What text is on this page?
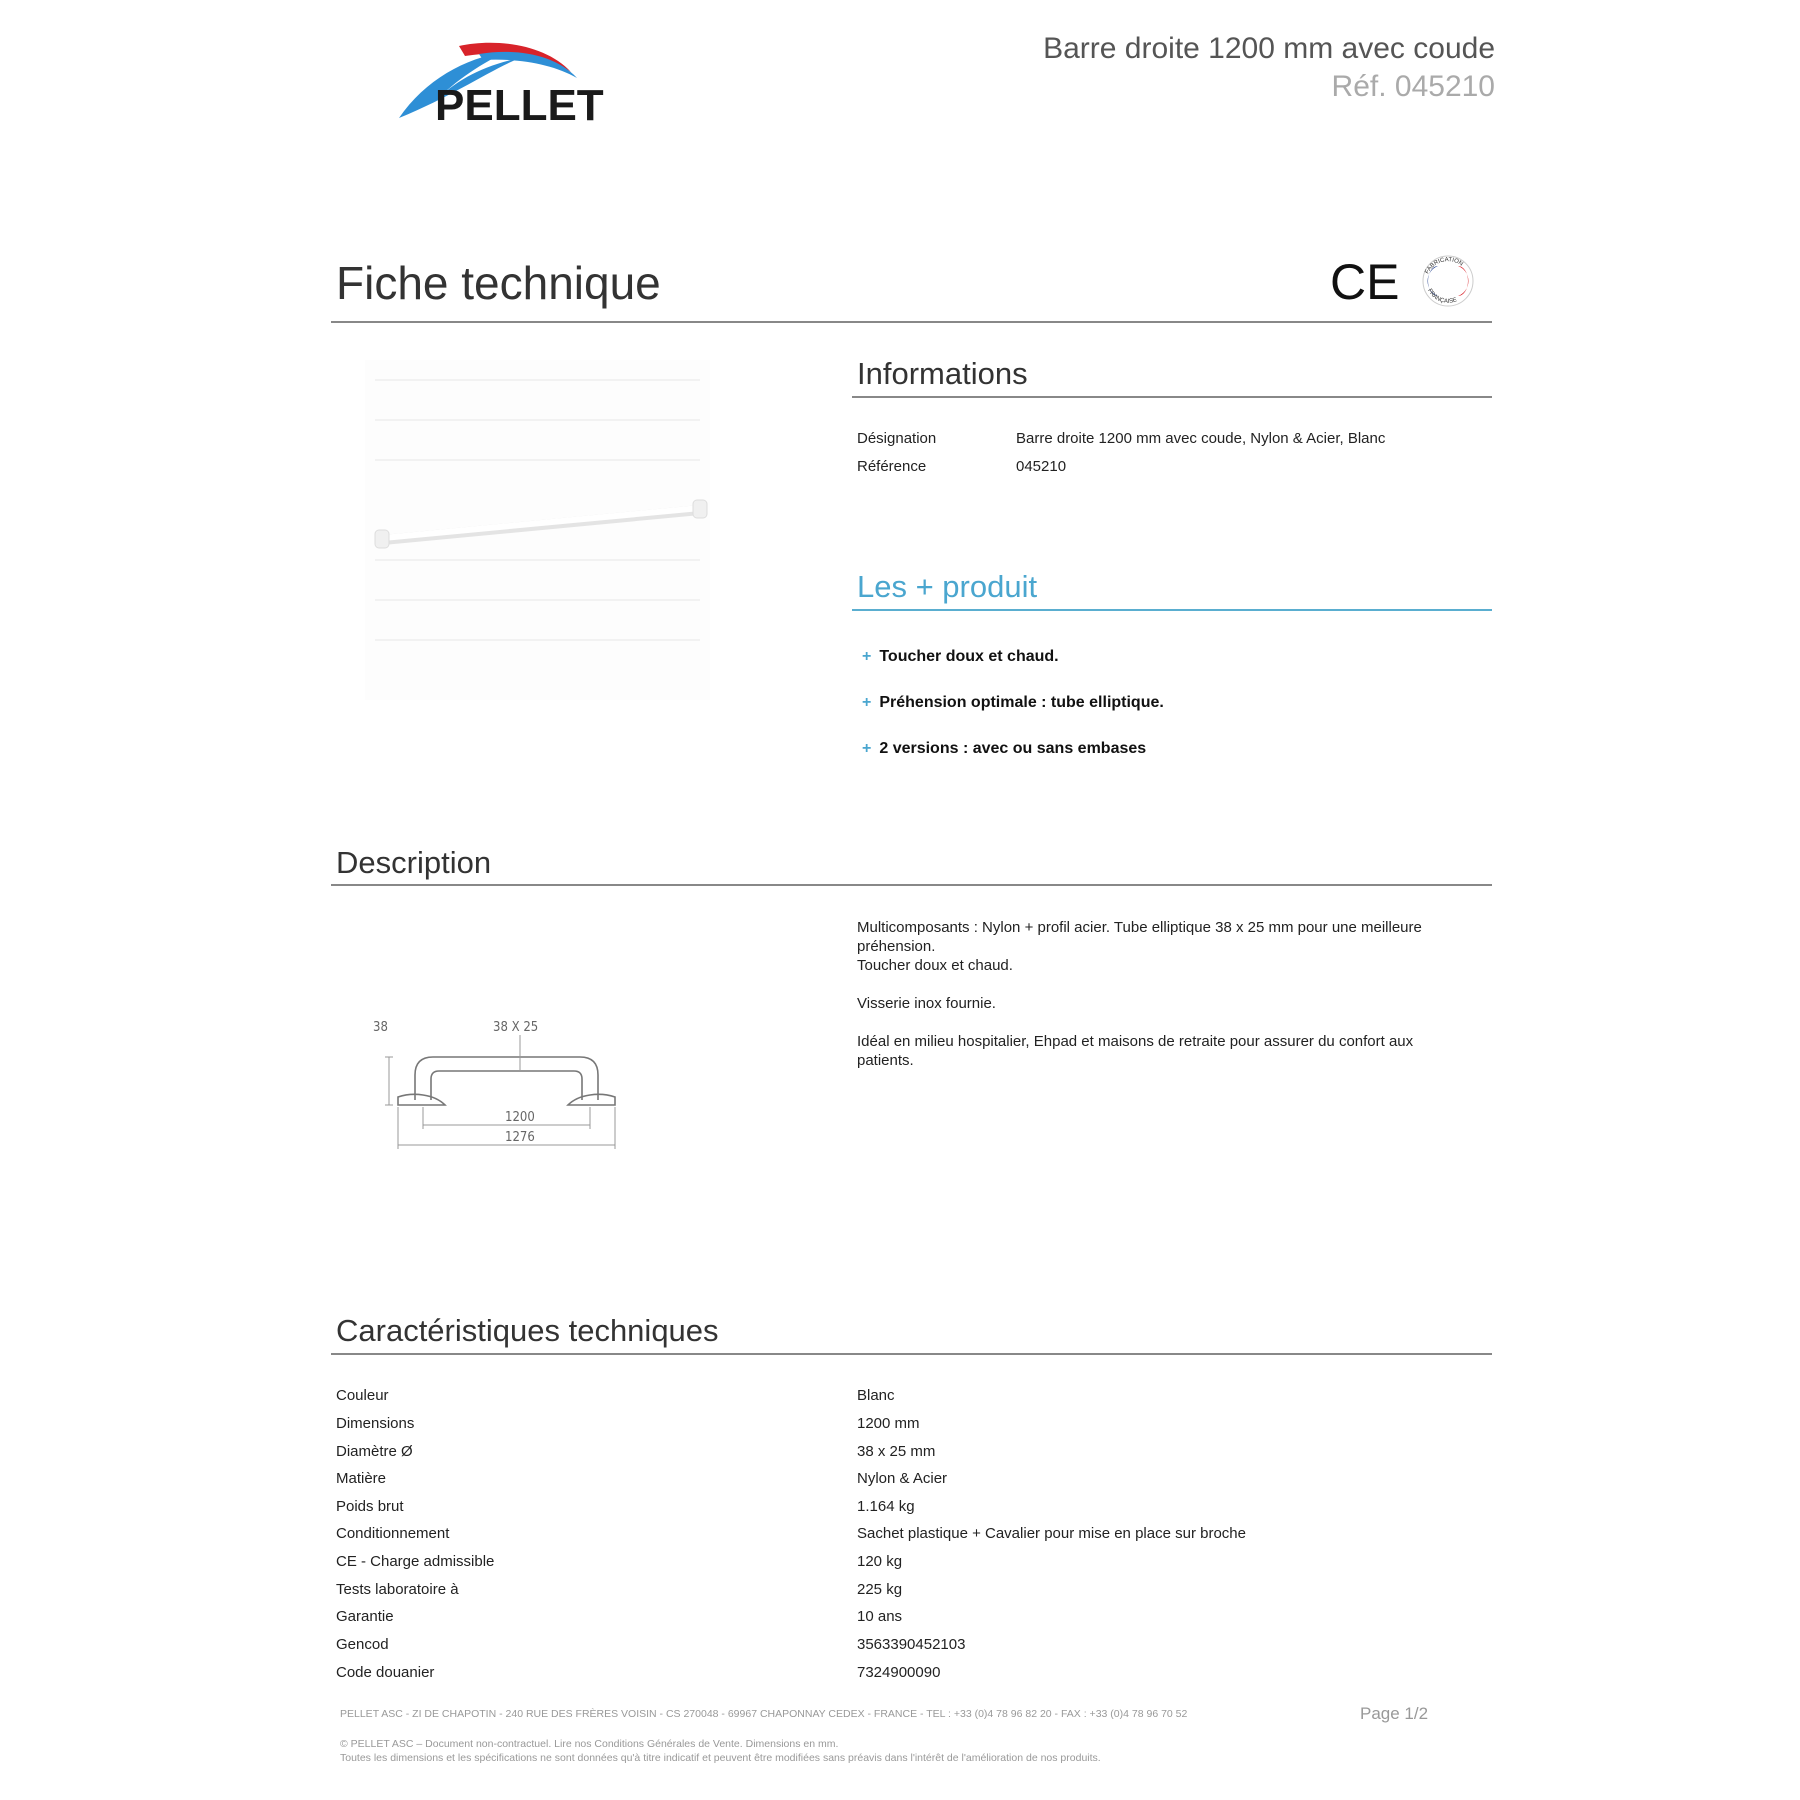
PELLET
Barre droite 1200 mm avec coude
Réf. 045210
Fiche technique	CE	FABRICATION
FRANÇAISE
Informations
Désignation	Barre droite 1200 mm avec coude, Nylon & Acier, Blanc
Référence	045210
Les + produit
+ Toucher doux et chaud.
+ Préhension optimale : tube elliptique.
+ 2 versions : avec ou sans embases
Description
38	38 X 25
1200
1276
Multicomposants : Nylon + profil acier. Tube elliptique 38 x 25 mm pour une meilleure préhension.

Toucher doux et chaud.

Visserie inox fournie.

Idéal en milieu hospitalier, Ehpad et maisons de retraite pour assurer du confort aux patients.

Caractéristiques techniques
Couleur	Blanc
Dimensions	1200 mm
Diamètre Ø	38 x 25 mm
Matière	Nylon & Acier
Poids brut	1.164 kg
Conditionnement	Sachet plastique + Cavalier pour mise en place sur broche
CE - Charge admissible	120 kg
Tests laboratoire à	225 kg
Garantie	10 ans
Gencod	3563390452103
Code douanier	7324900090
PELLET ASC - ZI DE CHAPOTIN - 240 RUE DES FRÈRES VOISIN - CS 270048 - 69967 CHAPONNAY CEDEX - FRANCE - TEL : +33 (0)4 78 96 82 20 - FAX : +33 (0)4 78 96 70 52	Page 1/2
© PELLET ASC – Document non-contractuel. Lire nos Conditions Générales de Vente. Dimensions en mm.
Toutes les dimensions et les spécifications ne sont données qu'à titre indicatif et peuvent être modifiées sans préavis dans l'intérêt de l'amélioration de nos produits.
